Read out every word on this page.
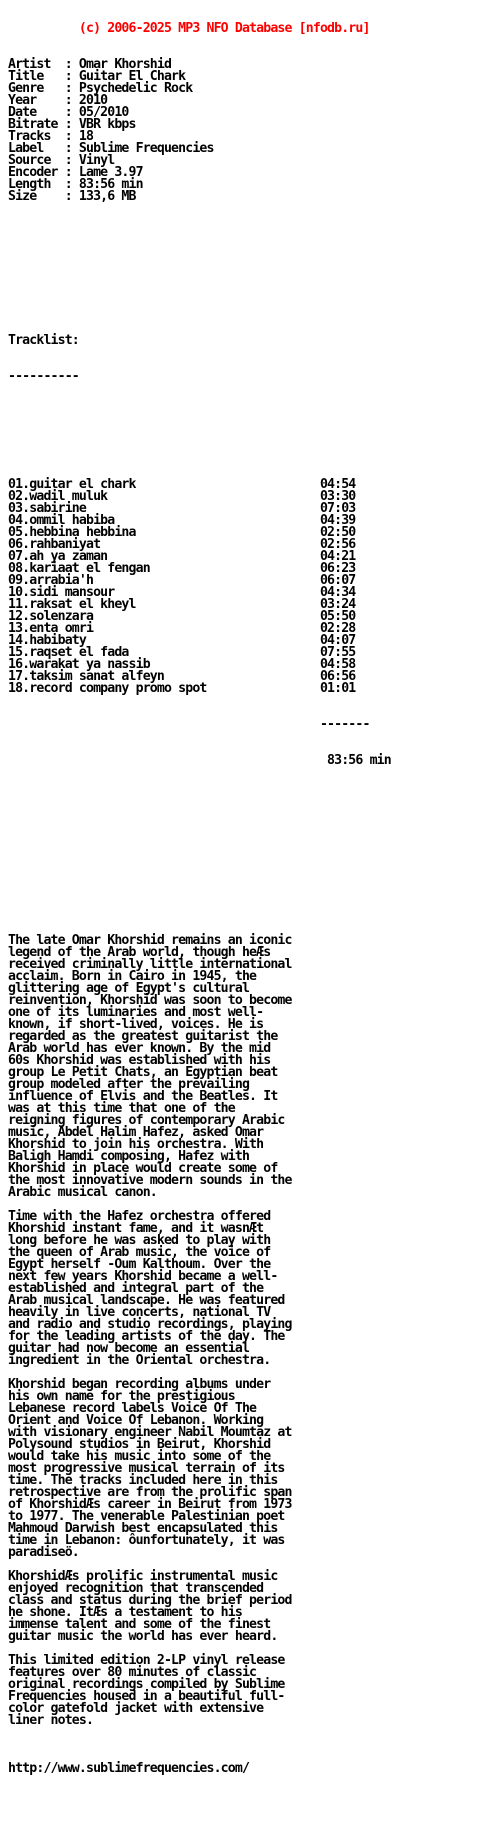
(c) 2006-2025 MP3 NFO Database [nfodb.ru]

Artist  : Omar Khorshid
Title   : Guitar El Chark
Genre   : Psychedelic Rock
Year    : 2010
Date    : 05/2010
Bitrate : VBR kbps
Tracks  : 18
Label   : Sublime Frequencies
Source  : Vinyl
Encoder : Lame 3.97
Length  : 83:56 min
Size    : 133,6 MB

Tracklist:

----------

01.guitar el chark                          04:54
02.wadil muluk                              03:30
03.sabirine                                 07:03
04.ommil habiba                             04:39
05.hebbina hebbina                          02:50
06.rahbaniyat                               02:56
07.ah ya zaman                              04:21
08.kariaat el fengan                        06:23
09.arrabia'h                                06:07
10.sidi mansour                             04:34
11.raksat el kheyl                          03:24
12.solenzara                                05:50
13.enta omri                                02:28
14.habibaty                                 04:07
15.raqset el fada                           07:55
16.warakat ya nassib                        04:58
17.taksim sanat alfeyn                      06:56
18.record company promo spot                01:01

-------

83:56 min

The late Omar Khorshid remains an iconic
legend of the Arab world, though heÆs
received criminally little international
acclaim. Born in Cairo in 1945, the
glittering age of Egypt's cultural
reinvention, Khorshid was soon to become
one of its luminaries and most well-
known, if short-lived, voices. He is
regarded as the greatest guitarist the
Arab world has ever known. By the mid
60s Khorshid was established with his
group Le Petit Chats, an Egyptian beat
group modeled after the prevailing
influence of Elvis and the Beatles. It
was at this time that one of the
reigning figures of contemporary Arabic
music, Abdel Halim Hafez, asked Omar
Khorshid to join his orchestra. With
Baligh Hamdi composing, Hafez with
Khorshid in place would create some of
the most innovative modern sounds in the
Arabic musical canon.
Time with the Hafez orchestra offered
Khorshid instant fame, and it wasnÆt
long before he was asked to play with
the queen of Arab music, the voice of
Egypt herself -Oum Kalthoum. Over the
next few years Khorshid became a well-
established and integral part of the
Arab musical landscape. He was featured
heavily in live concerts, national TV
and radio and studio recordings, playing
for the leading artists of the day. The
guitar had now become an essential
ingredient in the Oriental orchestra.
Khorshid began recording albums under
his own name for the prestigious
Lebanese record labels Voice Of The
Orient and Voice Of Lebanon. Working
with visionary engineer Nabil Moumtaz at
Polysound studios in Beirut, Khorshid
would take his music into some of the
most progressive musical terrain of its
time. The tracks included here in this
retrospective are from the prolific span
of KhorshidÆs career in Beirut from 1973
to 1977. The venerable Palestinian poet
Mahmoud Darwish best encapsulated this
time in Lebanon: ôunfortunately, it was
paradiseö.
KhorshidÆs prolific instrumental music
enjoyed recognition that transcended
class and status during the brief period
he shone. ItÆs a testament to his
immense talent and some of the finest
guitar music the world has ever heard.
This limited edition 2-LP vinyl release
features over 80 minutes of classic
original recordings compiled by Sublime
Frequencies housed in a beautiful full-
color gatefold jacket with extensive
liner notes.

http://www.sublimefrequencies.com/
